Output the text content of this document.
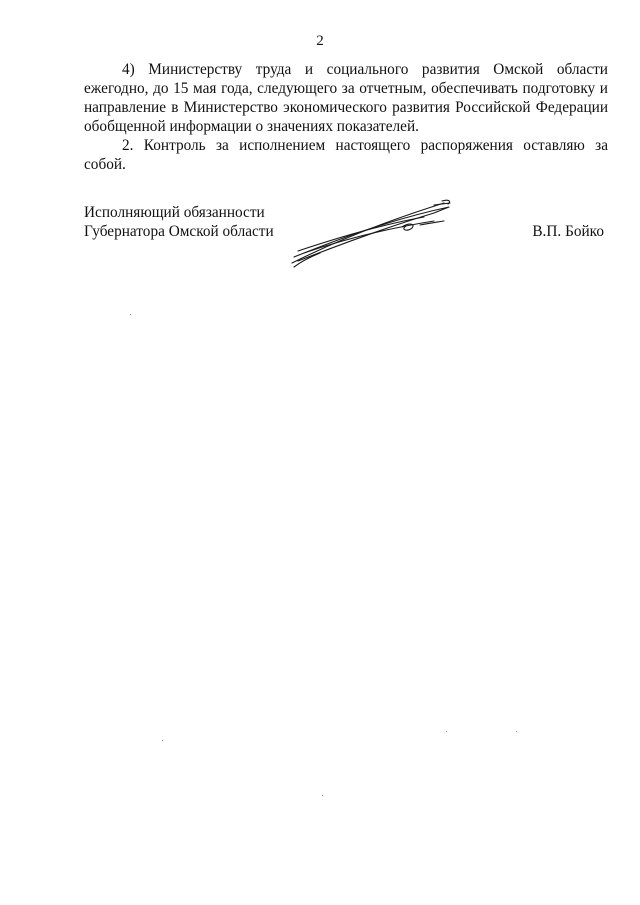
2

4) Министерству труда и социального развития Омской области ежегодно, до 15 мая года, следующего за отчетным, обеспечивать подготовку и направление в Министерство экономического развития Российской Федерации обобщенной информации о значениях показателей.

2. Контроль за исполнением настоящего распоряжения оставляю за собой.

Исполняющий обязанности
Губернатора Омской области	В.П. Бойко
